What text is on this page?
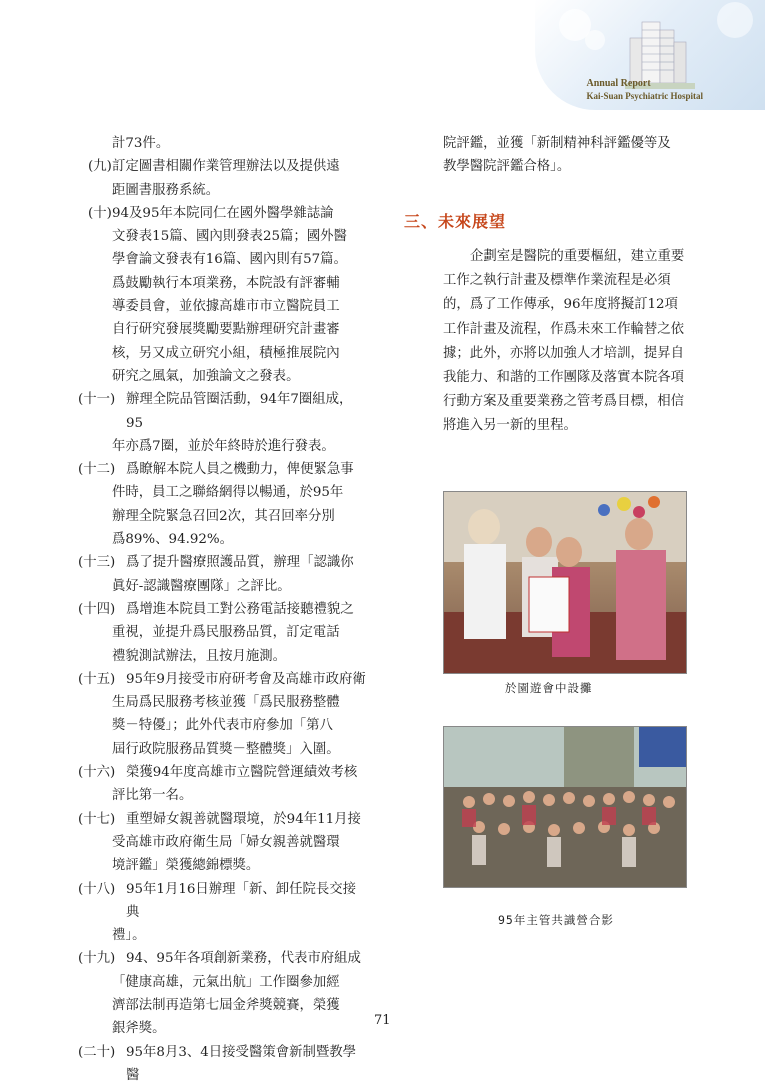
Annual Report
Kai-Suan Psychiatric Hospital
計73件。
(九) 訂定圖書相關作業管理辦法以及提供遠
距圖書服務系統。
(十) 94及95年本院同仁在國外醫學雜誌論
文發表15篇、國內則發表25篇；國外醫
學會論文發表有16篇、國內則有57篇。
爲鼓勵執行本項業務，本院設有評審輔
導委員會，並依據高雄市市立醫院員工
自行研究發展獎勵要點辦理研究計畫審
核，另又成立研究小組，積極推展院內
研究之風氣，加強論文之發表。
(十一) 辦理全院品管圈活動，94年7圈組成，95
年亦爲7圈，並於年終時於進行發表。
(十二) 爲瞭解本院人員之機動力，俾便緊急事
件時，員工之聯絡網得以暢通，於95年
辦理全院緊急召回2次，其召回率分別
爲89%、94.92%。
(十三) 爲了提升醫療照護品質，辦理「認識你
眞好-認識醫療團隊」之評比。
(十四) 爲增進本院員工對公務電話接聽禮貌之
重視，並提升爲民服務品質，訂定電話
禮貌測試辦法，且按月施測。
(十五) 95年9月接受市府研考會及高雄市政府衛
生局爲民服務考核並獲「爲民服務整體
獎－特優」；此外代表市府參加「第八
屆行政院服務品質獎－整體獎」入圍。
(十六) 榮獲94年度高雄市立醫院營運績效考核
評比第一名。
(十七) 重塑婦女親善就醫環境，於94年11月接
受高雄市政府衛生局「婦女親善就醫環
境評鑑」榮獲總錦標獎。
(十八) 95年1月16日辦理「新、卸任院長交接典
禮」。
(十九) 94、95年各項創新業務，代表市府組成
「健康高雄，元氣出航」工作圈參加經
濟部法制再造第七屆金斧獎競賽，榮獲
銀斧獎。
(二十) 95年8月3、4日接受醫策會新制暨教學醫
院評鑑，並獲「新制精神科評鑑優等及
教學醫院評鑑合格」。
三、未來展望
企劃室是醫院的重要樞紐，建立重要工作之執行計畫及標準作業流程是必須的，爲了工作傳承，96年度將擬訂12項工作計畫及流程，作爲未來工作輪替之依據；此外，亦將以加強人才培訓，提昇自我能力、和諧的工作團隊及落實本院各項行動方案及重要業務之管考爲目標，相信將進入另一新的里程。
於園遊會中設攤
95年主管共識營合影
71
